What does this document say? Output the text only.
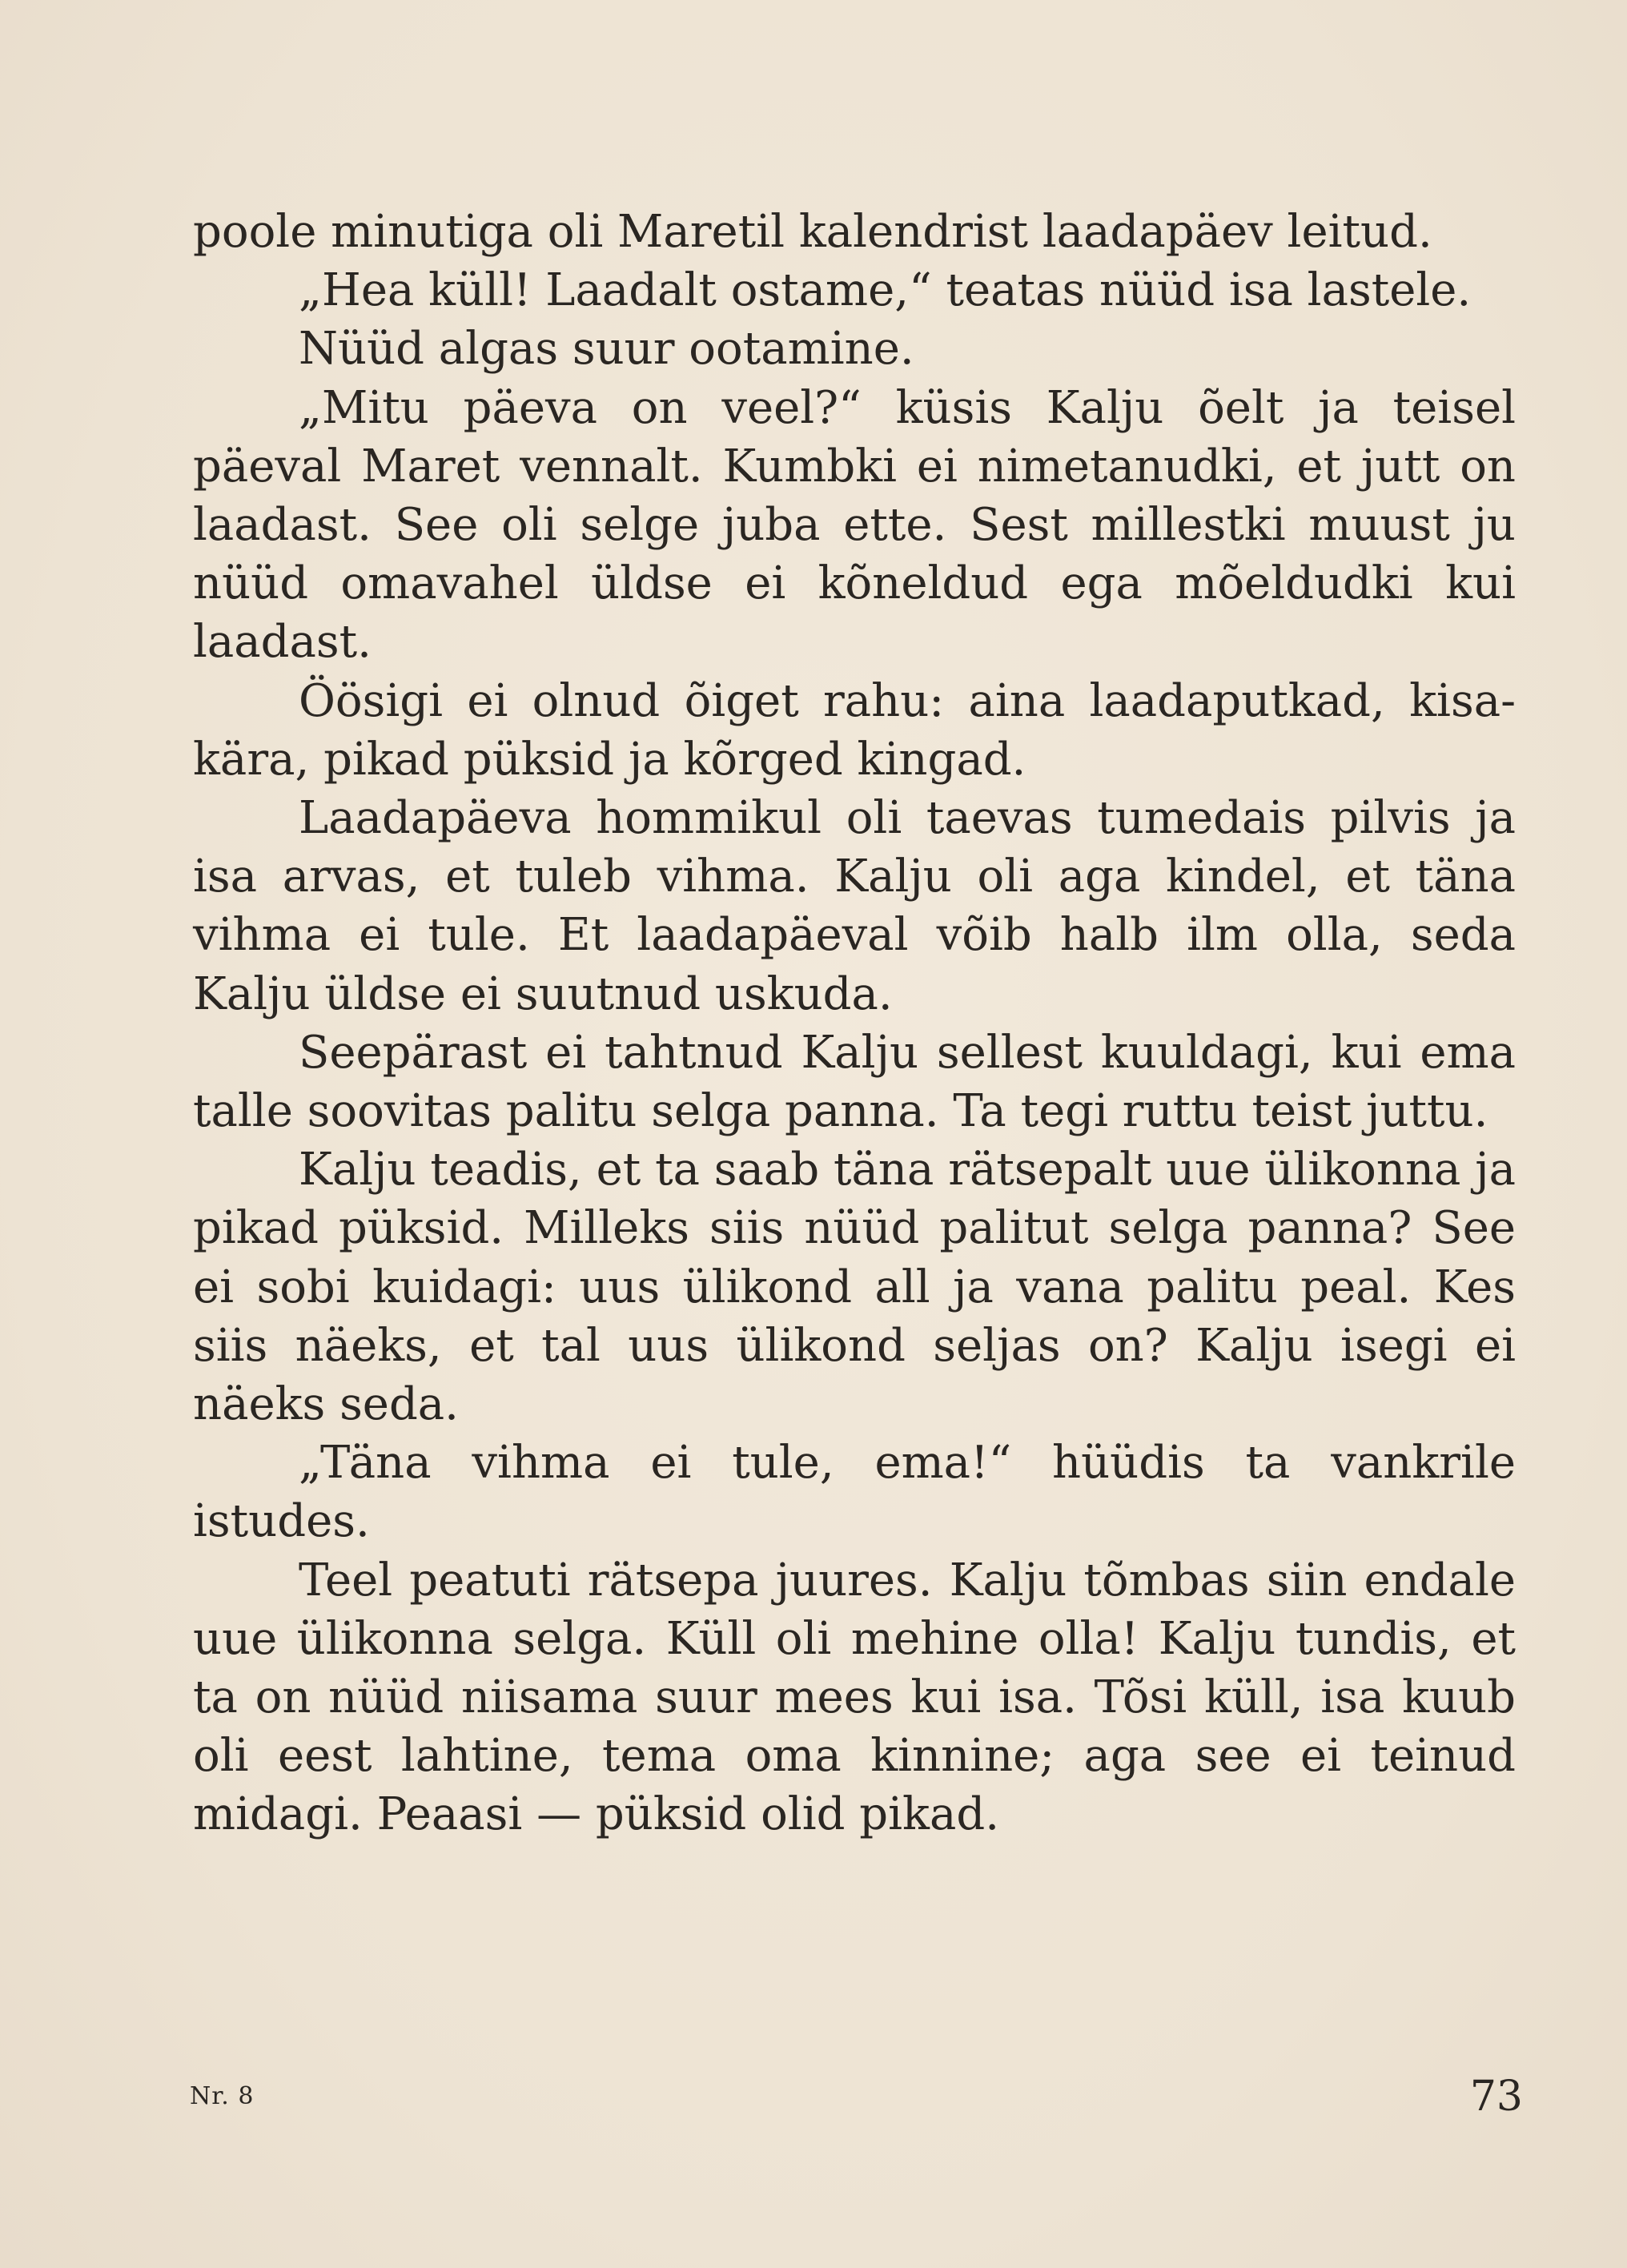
poole minutiga oli Maretil kalendrist laadapäev leitud.

„Hea küll! Laadalt ostame,“ teatas nüüd isa lastele.

Nüüd algas suur ootamine.

„Mitu päeva on veel?“ küsis Kalju õelt ja teisel päeval Maret vennalt. Kumbki ei nimetanudki, et jutt on laadast. See oli selge juba ette. Sest millestki muust ju nüüd omavahel üldse ei kõneldud ega mõeldudki kui laadast.

Öösigi ei olnud õiget rahu: aina laadaputkad, kisa-kära, pikad püksid ja kõrged kingad.

Laadapäeva hommikul oli taevas tumedais pilvis ja isa arvas, et tuleb vihma. Kalju oli aga kindel, et täna vihma ei tule. Et laadapäeval võib halb ilm olla, seda Kalju üldse ei suutnud uskuda.

Seepärast ei tahtnud Kalju sellest kuuldagi, kui ema talle soovitas palitu selga panna. Ta tegi ruttu teist juttu.

Kalju teadis, et ta saab täna rätsepalt uue ülikonna ja pikad püksid. Milleks siis nüüd palitut selga panna? See ei sobi kuidagi: uus ülikond all ja vana palitu peal. Kes siis näeks, et tal uus ülikond seljas on? Kalju isegi ei näeks seda.

„Täna vihma ei tule, ema!“ hüüdis ta vankrile istudes.

Teel peatuti rätsepa juures. Kalju tõmbas siin endale uue ülikonna selga. Küll oli mehine olla! Kalju tundis, et ta on nüüd niisama suur mees kui isa. Tõsi küll, isa kuub oli eest lahtine, tema oma kinnine; aga see ei teinud midagi. Peaasi — püksid olid pikad.

Nr. 8	73
